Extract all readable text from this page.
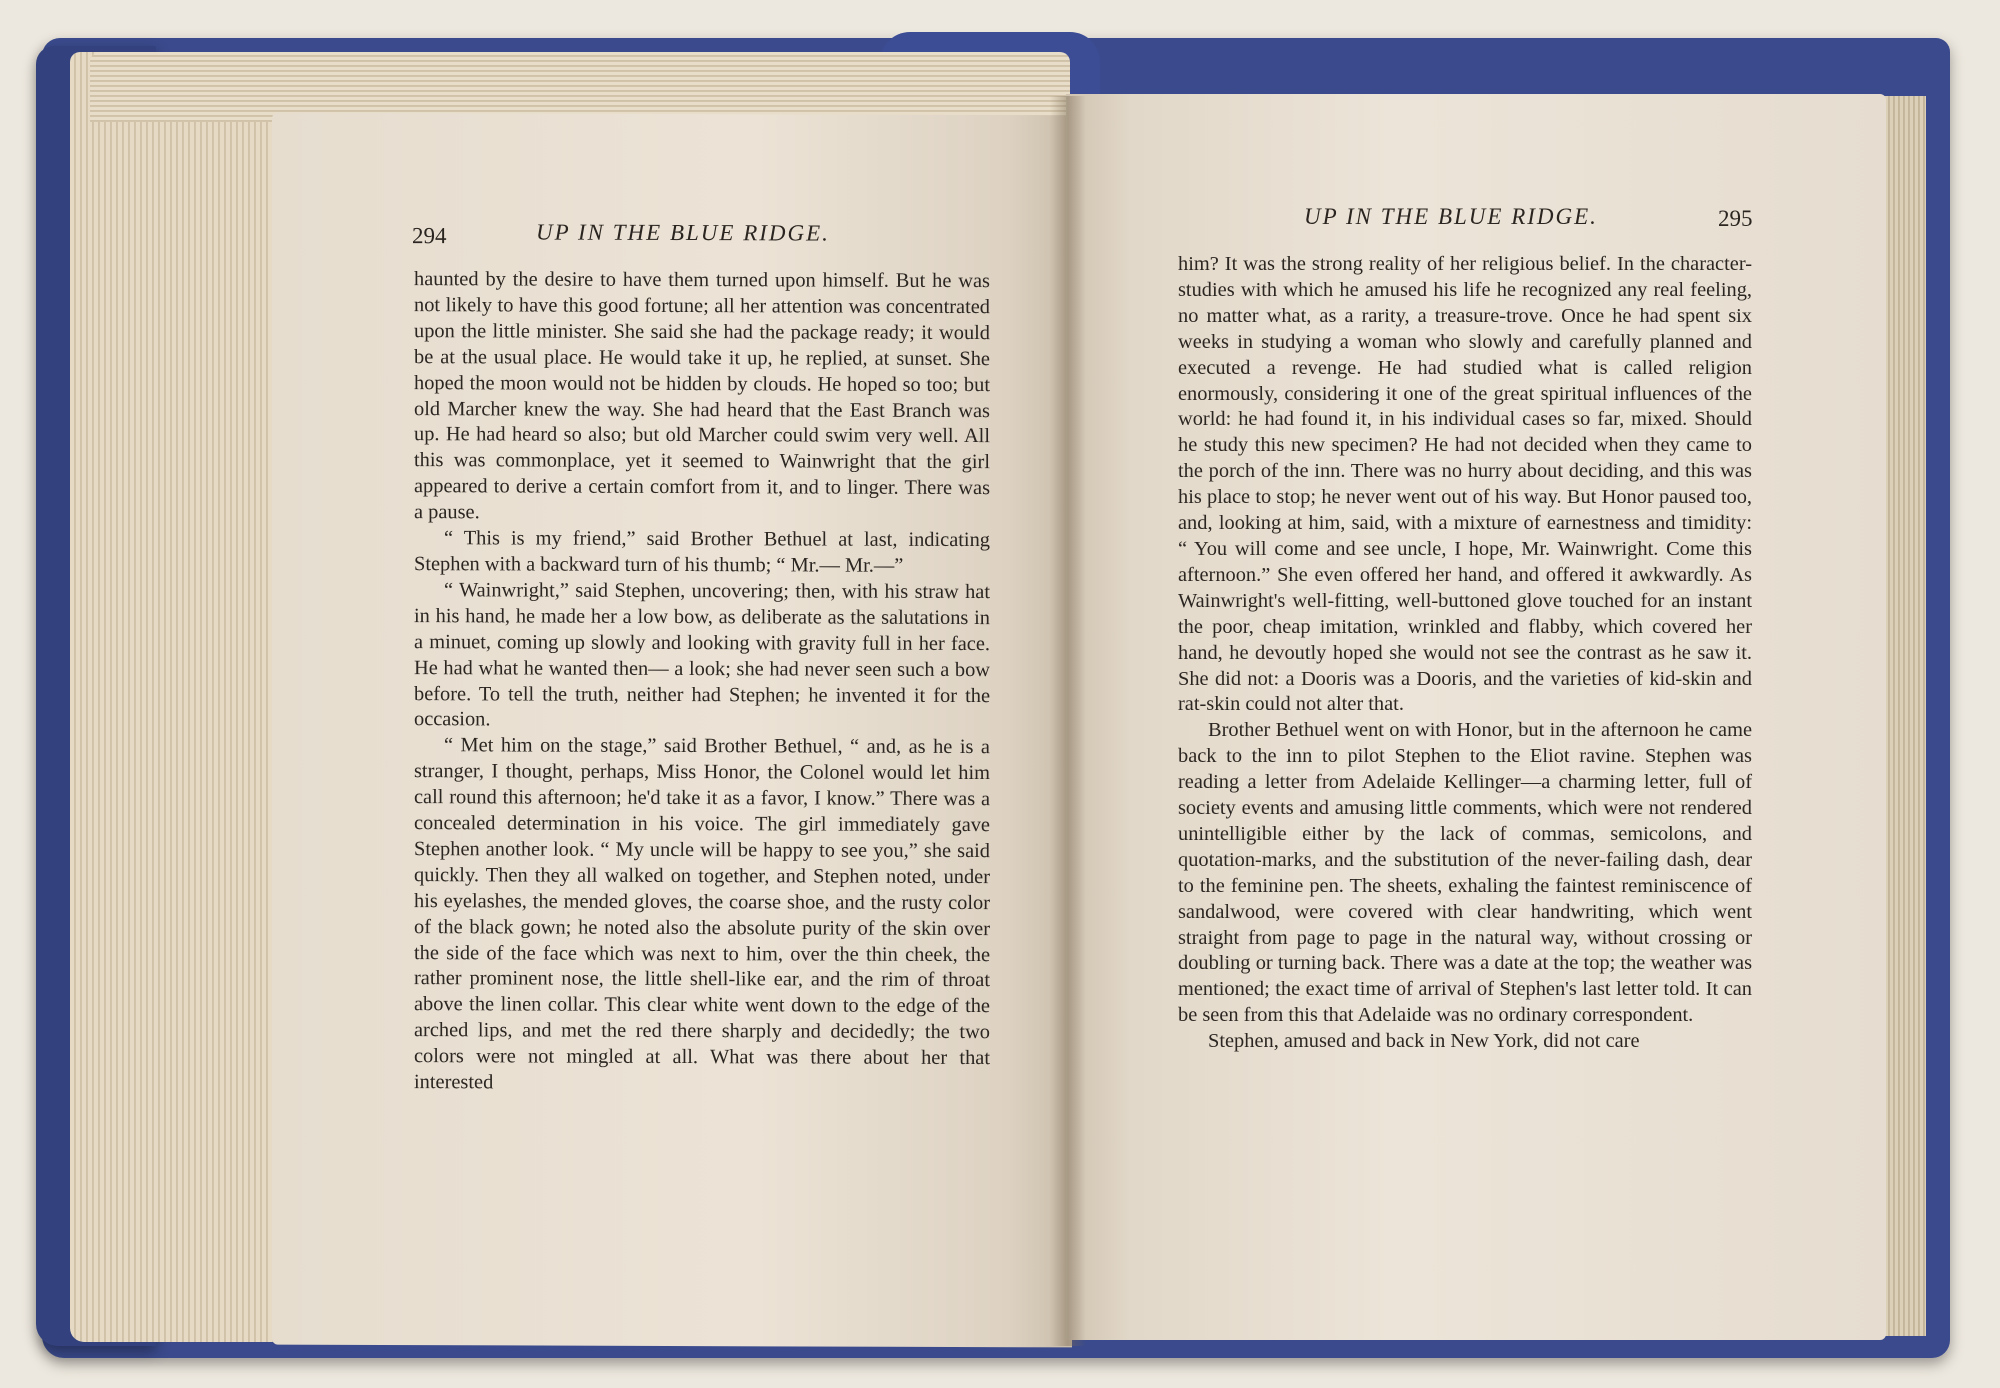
294	UP IN THE BLUE RIDGE.

haunted by the desire to have them turned upon himself. But he was not likely to have this good fortune; all her attention was concentrated upon the little minister. She said she had the package ready; it would be at the usual place. He would take it up, he replied, at sunset. She hoped the moon would not be hidden by clouds. He hoped so too; but old Marcher knew the way. She had heard that the East Branch was up. He had heard so also; but old Marcher could swim very well. All this was commonplace, yet it seemed to Wainwright that the girl appeared to derive a certain comfort from it, and to linger. There was a pause.

“ This is my friend,” said Brother Bethuel at last, indicating Stephen with a backward turn of his thumb; “ Mr.— Mr.—”

“ Wainwright,” said Stephen, uncovering; then, with his straw hat in his hand, he made her a low bow, as deliberate as the salutations in a minuet, coming up slowly and looking with gravity full in her face. He had what he wanted then— a look; she had never seen such a bow before. To tell the truth, neither had Stephen; he invented it for the occasion.

“ Met him on the stage,” said Brother Bethuel, “ and, as he is a stranger, I thought, perhaps, Miss Honor, the Colonel would let him call round this afternoon; he'd take it as a favor, I know.” There was a concealed determination in his voice. The girl immediately gave Stephen another look. “ My uncle will be happy to see you,” she said quickly. Then they all walked on together, and Stephen noted, under his eyelashes, the mended gloves, the coarse shoe, and the rusty color of the black gown; he noted also the absolute purity of the skin over the side of the face which was next to him, over the thin cheek, the rather prominent nose, the little shell-like ear, and the rim of throat above the linen collar. This clear white went down to the edge of the arched lips, and met the red there sharply and decidedly; the two colors were not mingled at all. What was there about her that interested

UP IN THE BLUE RIDGE.	295

him? It was the strong reality of her religious belief. In the character-studies with which he amused his life he recognized any real feeling, no matter what, as a rarity, a treasure-trove. Once he had spent six weeks in studying a woman who slowly and carefully planned and executed a revenge. He had studied what is called religion enormously, considering it one of the great spiritual influences of the world: he had found it, in his individual cases so far, mixed. Should he study this new specimen? He had not decided when they came to the porch of the inn. There was no hurry about deciding, and this was his place to stop; he never went out of his way. But Honor paused too, and, looking at him, said, with a mixture of earnestness and timidity: “ You will come and see uncle, I hope, Mr. Wainwright. Come this afternoon.” She even offered her hand, and offered it awkwardly. As Wainwright's well-fitting, well-buttoned glove touched for an instant the poor, cheap imitation, wrinkled and flabby, which covered her hand, he devoutly hoped she would not see the contrast as he saw it. She did not: a Dooris was a Dooris, and the varieties of kid-skin and rat-skin could not alter that.

Brother Bethuel went on with Honor, but in the afternoon he came back to the inn to pilot Stephen to the Eliot ravine. Stephen was reading a letter from Adelaide Kellinger—a charming letter, full of society events and amusing little comments, which were not rendered unintelligible either by the lack of commas, semicolons, and quotation-marks, and the substitution of the never-failing dash, dear to the feminine pen. The sheets, exhaling the faintest reminiscence of sandalwood, were covered with clear handwriting, which went straight from page to page in the natural way, without crossing or doubling or turning back. There was a date at the top; the weather was mentioned; the exact time of arrival of Stephen's last letter told. It can be seen from this that Adelaide was no ordinary correspondent.

Stephen, amused and back in New York, did not care
